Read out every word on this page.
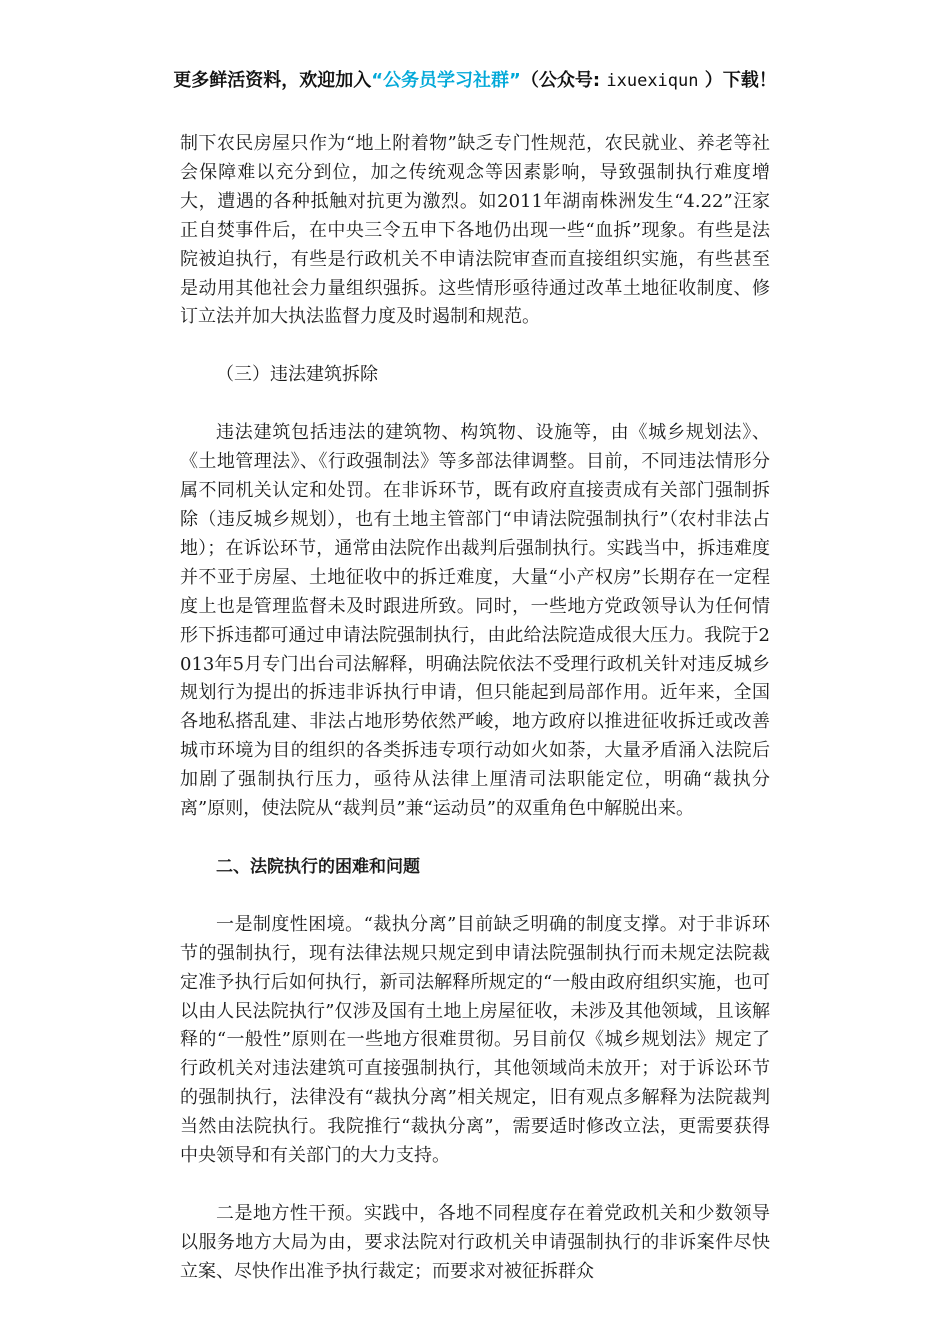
更多鲜活资料，欢迎加入“公务员学习社群”（公众号: ixuexiqun ）下载！

制下农民房屋只作为“地上附着物”缺乏专门性规范，农民就业、养老等社会保障难以充分到位，加之传统观念等因素影响，导致强制执行难度增大，遭遇的各种抵触对抗更为激烈。如2011年湖南株洲发生“4.22”汪家正自焚事件后，在中央三令五申下各地仍出现一些“血拆”现象。有些是法院被迫执行，有些是行政机关不申请法院审查而直接组织实施，有些甚至是动用其他社会力量组织强拆。这些情形亟待通过改革土地征收制度、修订立法并加大执法监督力度及时遏制和规范。

（三）违法建筑拆除

违法建筑包括违法的建筑物、构筑物、设施等，由《城乡规划法》、《土地管理法》、《行政强制法》等多部法律调整。目前，不同违法情形分属不同机关认定和处罚。在非诉环节，既有政府直接责成有关部门强制拆除（违反城乡规划），也有土地主管部门“申请法院强制执行”（农村非法占地）；在诉讼环节，通常由法院作出裁判后强制执行。实践当中，拆违难度并不亚于房屋、土地征收中的拆迁难度，大量“小产权房”长期存在一定程度上也是管理监督未及时跟进所致。同时，一些地方党政领导认为任何情形下拆违都可通过申请法院强制执行，由此给法院造成很大压力。我院于2013年5月专门出台司法解释，明确法院依法不受理行政机关针对违反城乡规划行为提出的拆违非诉执行申请，但只能起到局部作用。近年来，全国各地私搭乱建、非法占地形势依然严峻，地方政府以推进征收拆迁或改善城市环境为目的组织的各类拆违专项行动如火如荼，大量矛盾涌入法院后加剧了强制执行压力，亟待从法律上厘清司法职能定位，明确“裁执分离”原则，使法院从“裁判员”兼“运动员”的双重角色中解脱出来。

二、法院执行的困难和问题

一是制度性困境。“裁执分离”目前缺乏明确的制度支撑。对于非诉环节的强制执行，现有法律法规只规定到申请法院强制执行而未规定法院裁定准予执行后如何执行，新司法解释所规定的“一般由政府组织实施，也可以由人民法院执行”仅涉及国有土地上房屋征收，未涉及其他领域，且该解释的“一般性”原则在一些地方很难贯彻。另目前仅《城乡规划法》规定了行政机关对违法建筑可直接强制执行，其他领域尚未放开；对于诉讼环节的强制执行，法律没有“裁执分离”相关规定，旧有观点多解释为法院裁判当然由法院执行。我院推行“裁执分离”，需要适时修改立法，更需要获得中央领导和有关部门的大力支持。

二是地方性干预。实践中，各地不同程度存在着党政机关和少数领导以服务地方大局为由，要求法院对行政机关申请强制执行的非诉案件尽快立案、尽快作出准予执行裁定；而要求对被征拆群众
